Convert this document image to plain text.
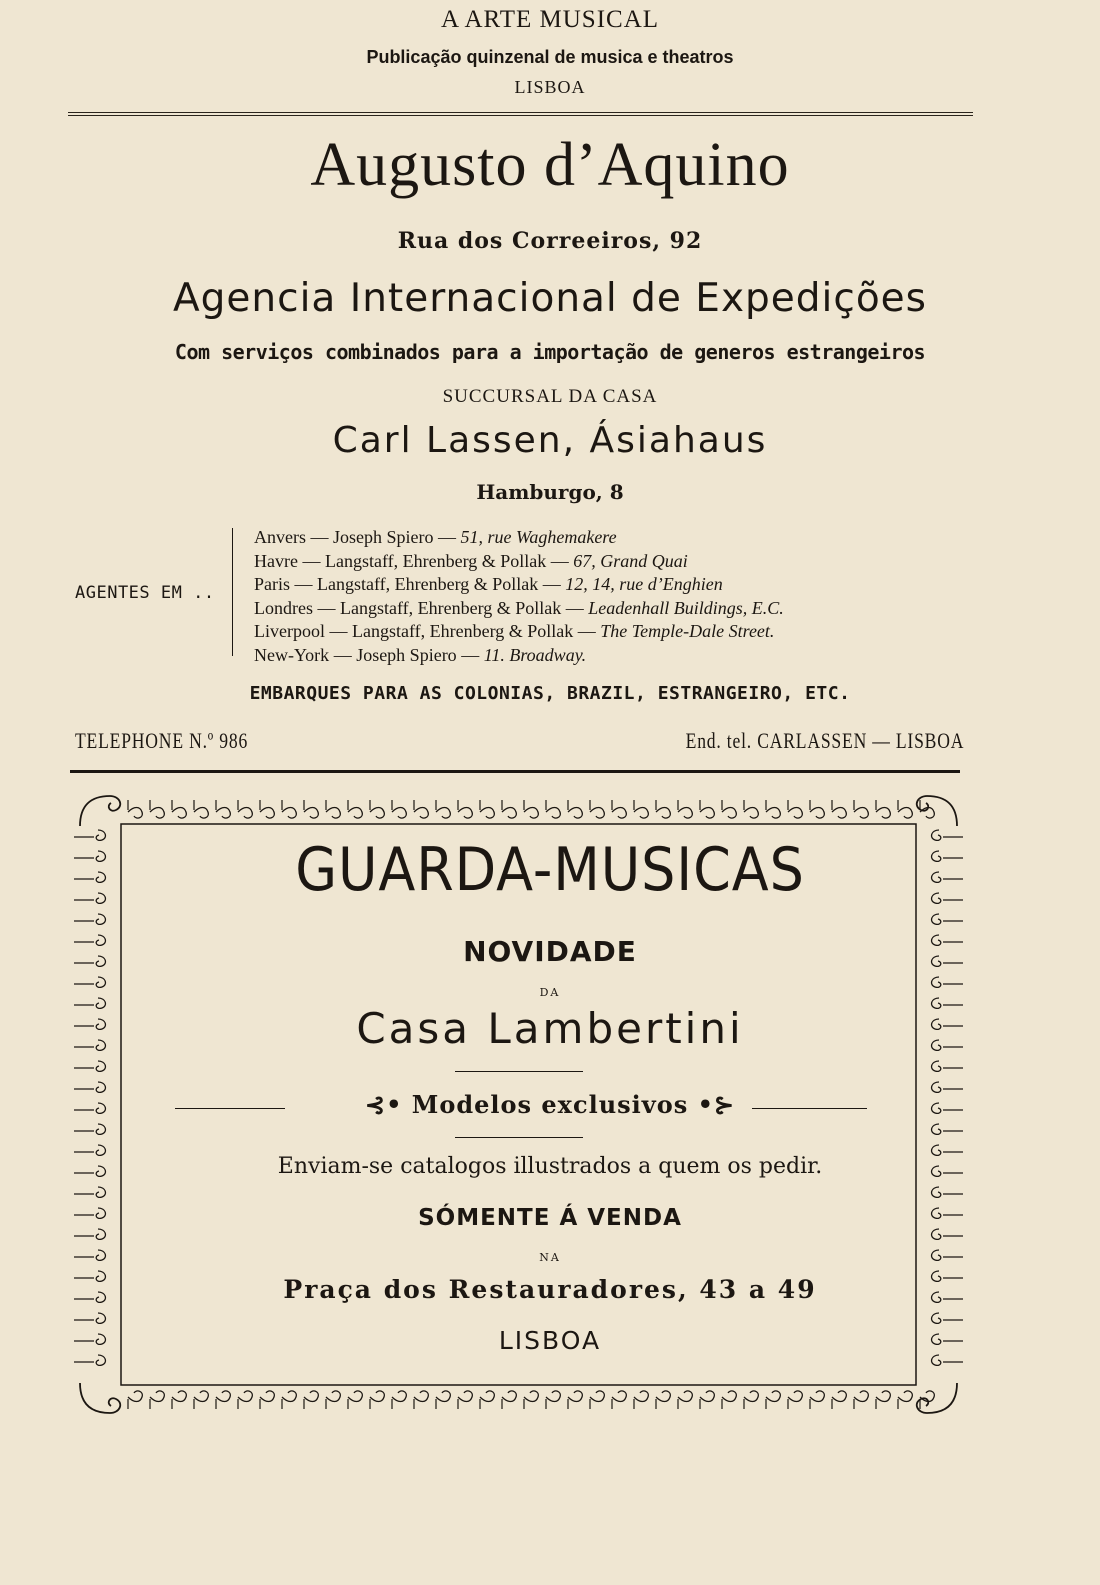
A ARTE MUSICAL
Publicação quinzenal de musica e theatros
LISBOA
Augusto d’Aquino
Rua dos Correeiros, 92
Agencia Internacional de Expedições
Com serviços combinados para a importação de generos estrangeiros
SUCCURSAL DA CASA
Carl Lassen, Ásiahaus
Hamburgo, 8
AGENTES EM ..
Anvers — Joseph Spiero — 51, rue Waghemakere
Havre — Langstaff, Ehrenberg & Pollak — 67, Grand Quai
Paris — Langstaff, Ehrenberg & Pollak — 12, 14, rue d’Enghien
Londres — Langstaff, Ehrenberg & Pollak — Leadenhall Buildings, E.C.
Liverpool — Langstaff, Ehrenberg & Pollak — The Temple-Dale Street.
New-York — Joseph Spiero — 11. Broadway.
EMBARQUES PARA AS COLONIAS, BRAZIL, ESTRANGEIRO, ETC.
TELEPHONE N.º 986	End. tel. CARLASSEN — LISBOA
GUARDA-MUSICAS
NOVIDADE
DA
Casa Lambertini
⊰• Modelos exclusivos •⊱
Enviam-se catalogos illustrados a quem os pedir.
SÓMENTE Á VENDA
NA
Praça dos Restauradores, 43 a 49
LISBOA
